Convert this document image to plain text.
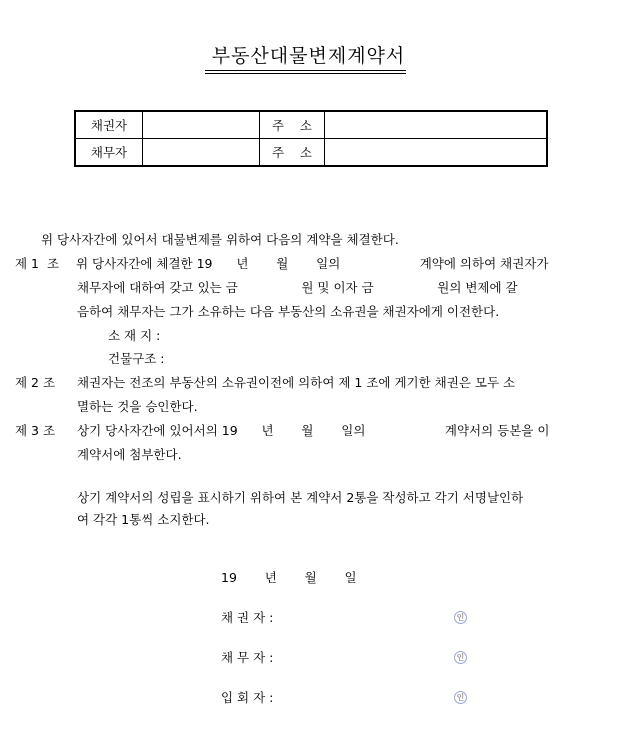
부동산대물변제계약서
채권자		주    소	
채무자		주    소	
위 당사자간에 있어서 대물변제를 위하여 다음의 계약을 체결한다.
제 1  조 위 당사자간에 체결한 19      년       월       일의                    계약에 의하여 채권자가
채무자에 대하여 갖고 있는 금                원 및 이자 금                원의 변제에 갈
음하여 채무자는 그가 소유하는 다음 부동산의 소유권을 채권자에게 이전한다.
소 재 지 :
건물구조 :
제 2 조 채권자는 전조의 부동산의 소유권이전에 의하여 제 1 조에 게기한 채권은 모두 소
멸하는 것을 승인한다.
제 3 조 상기 당사자간에 있어서의 19      년       월       일의                    계약서의 등본을 이
계약서에 첨부한다.
상기 계약서의 성립을 표시하기 위하여 본 계약서 2통을 작성하고 각기 서명날인하
여 각각 1통씩 소지한다.
19       년       월       일
채 권 자 :	인
채 무 자 :	인
입 회 자 :	인
